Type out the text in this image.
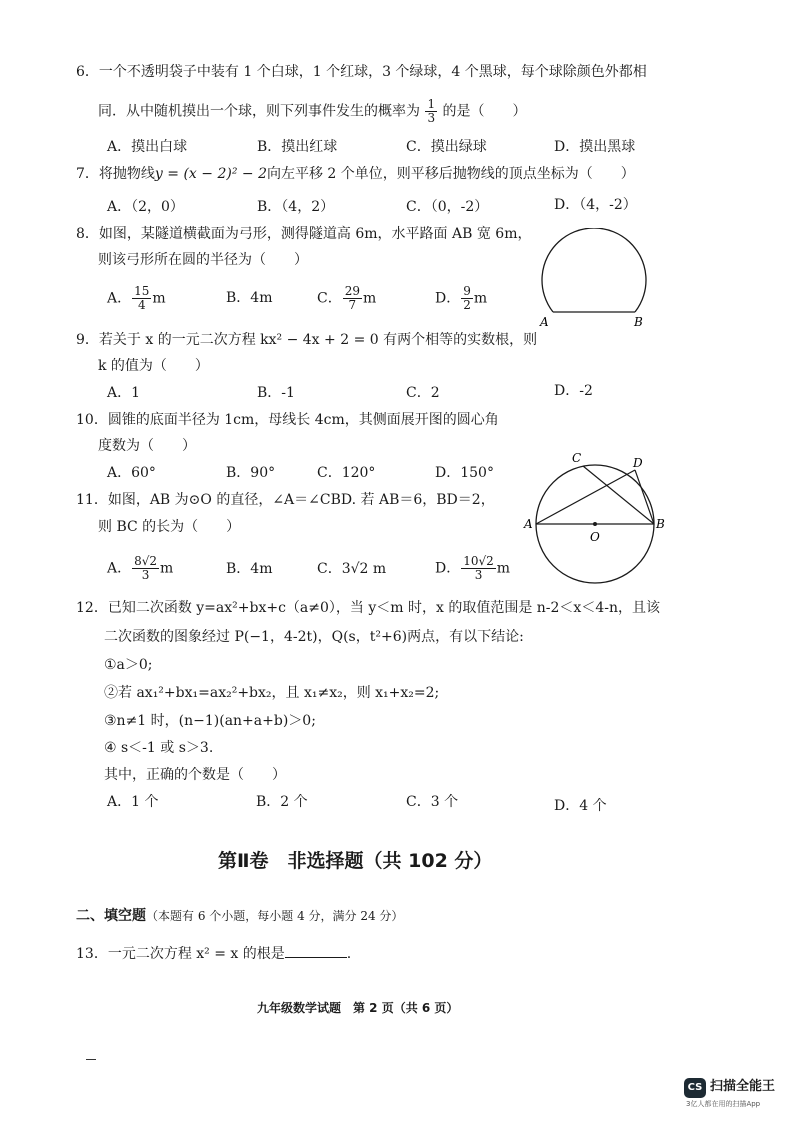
6．一个不透明袋子中装有 1 个白球，1 个红球，3 个绿球，4 个黑球，每个球除颜色外都相
同．从中随机摸出一个球，则下列事件发生的概率为 $\frac{1}{3}$ 的是（　　）
A．摸出白球	B．摸出红球	C．摸出绿球	D．摸出黑球
7．将抛物线y = (x − 2)² − 2向左平移 2 个单位，则平移后抛物线的顶点坐标为（　　）
A．（2，0）	B．（4，2）	C．（0，-2）	D．（4，-2）
8．如图，某隧道横截面为弓形，测得隧道高 6m，水平路面 AB 宽 6m，
则该弓形所在圆的半径为（　　）
A． $\frac{15}{4}$ m	B．4m	C． $\frac{29}{7}$ m	D． $\frac{9}{2}$ m
A	B
9．若关于 x 的一元二次方程 kx² − 4x + 2 = 0 有两个相等的实数根，则
k 的值为（　　）
A．1	B．-1	C．2	D．-2
10．圆锥的底面半径为 1cm，母线长 4cm，其侧面展开图的圆心角
度数为（　　）
A．60°	B．90°	C．120°	D．150°
A	B
C	D
O
11．如图，AB 为⊙O 的直径，∠A＝∠CBD. 若 AB＝6，BD＝2，
则 BC 的长为（　　）
A． $\frac{8√2}{3}$ m	B．4m	C．3√2 m	D． $\frac{10√2}{3}$ m
12．已知二次函数 y=ax²+bx+c（a≠0），当 y＜m 时，x 的取值范围是 n-2＜x＜4-n，且该
二次函数的图象经过 P(−1，4-2t)，Q(s，t²+6)两点，有以下结论:
①a＞0;
②若 ax₁²+bx₁=ax₂²+bx₂，且 x₁≠x₂，则 x₁+x₂=2;
③n≠1 时，(n−1)(an+a+b)＞0;
④ s＜-1 或 s＞3.
其中，正确的个数是（　　）
A．1 个	B．2 个	C．3 个	D．4 个
第Ⅱ卷　非选择题（共 102 分）
二、填空题（本题有 6 个小题，每小题 4 分，满分 24 分）
13．一元二次方程 x² = x 的根是	.
九年级数学试题　第 2 页（共 6 页）
CS 扫描全能王
3亿人都在用的扫描App
